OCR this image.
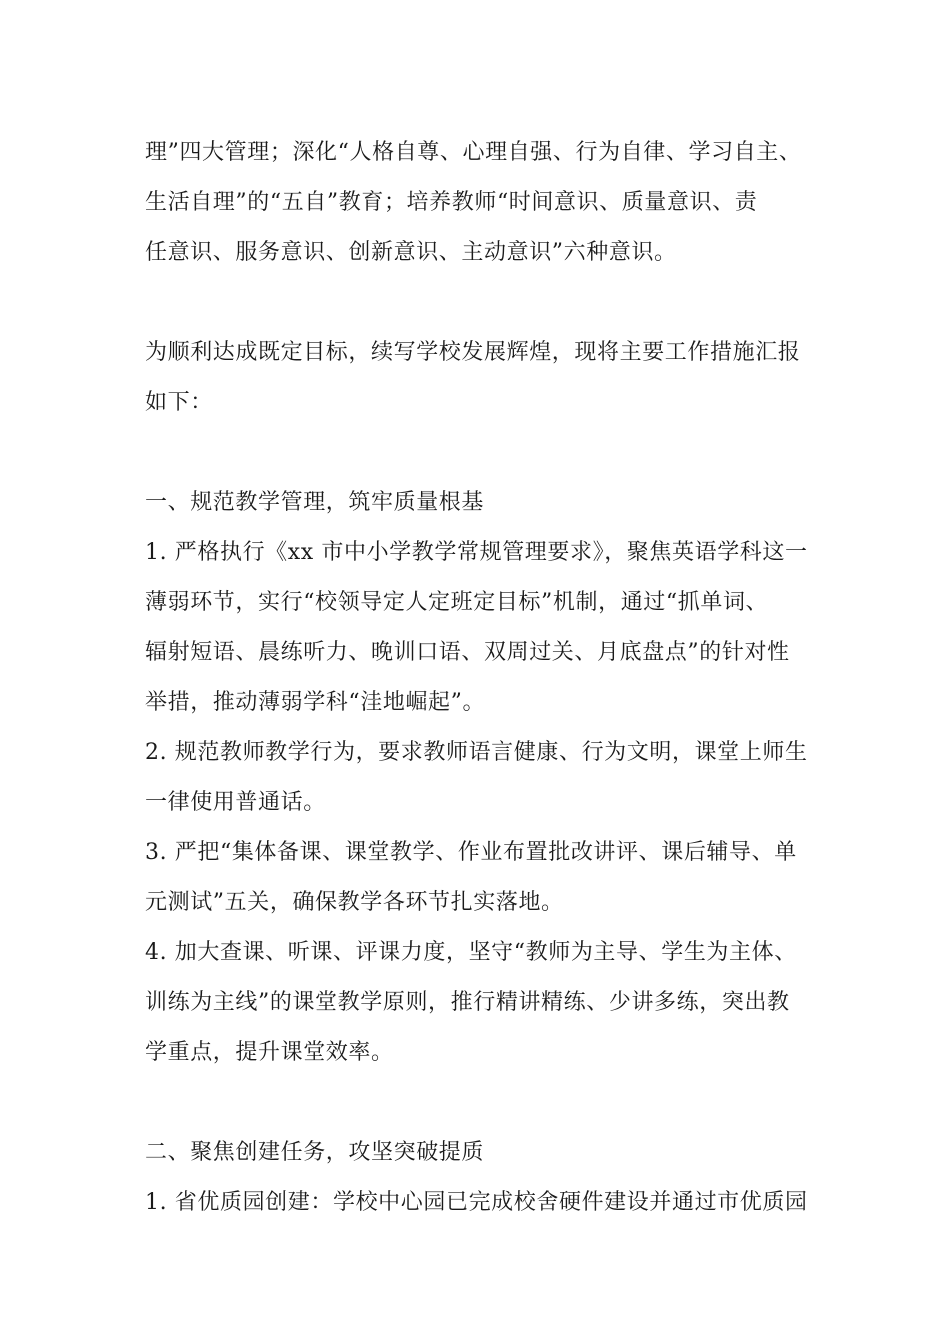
理”四大管理；深化“人格自尊、心理自强、行为自律、学习自主、
生活自理”的“五自”教育；培养教师“时间意识、质量意识、责
任意识、服务意识、创新意识、主动意识”六种意识。
为顺利达成既定目标，续写学校发展辉煌，现将主要工作措施汇报
如下：
一、规范教学管理，筑牢质量根基
1. 严格执行《xx 市中小学教学常规管理要求》，聚焦英语学科这一
薄弱环节，实行“校领导定人定班定目标”机制，通过“抓单词、
辐射短语、晨练听力、晚训口语、双周过关、月底盘点”的针对性
举措，推动薄弱学科“洼地崛起”。
2. 规范教师教学行为，要求教师语言健康、行为文明，课堂上师生
一律使用普通话。
3. 严把“集体备课、课堂教学、作业布置批改讲评、课后辅导、单
元测试”五关，确保教学各环节扎实落地。
4. 加大查课、听课、评课力度，坚守“教师为主导、学生为主体、
训练为主线”的课堂教学原则，推行精讲精练、少讲多练，突出教
学重点，提升课堂效率。
二、聚焦创建任务，攻坚突破提质
1. 省优质园创建：学校中心园已完成校舍硬件建设并通过市优质园
